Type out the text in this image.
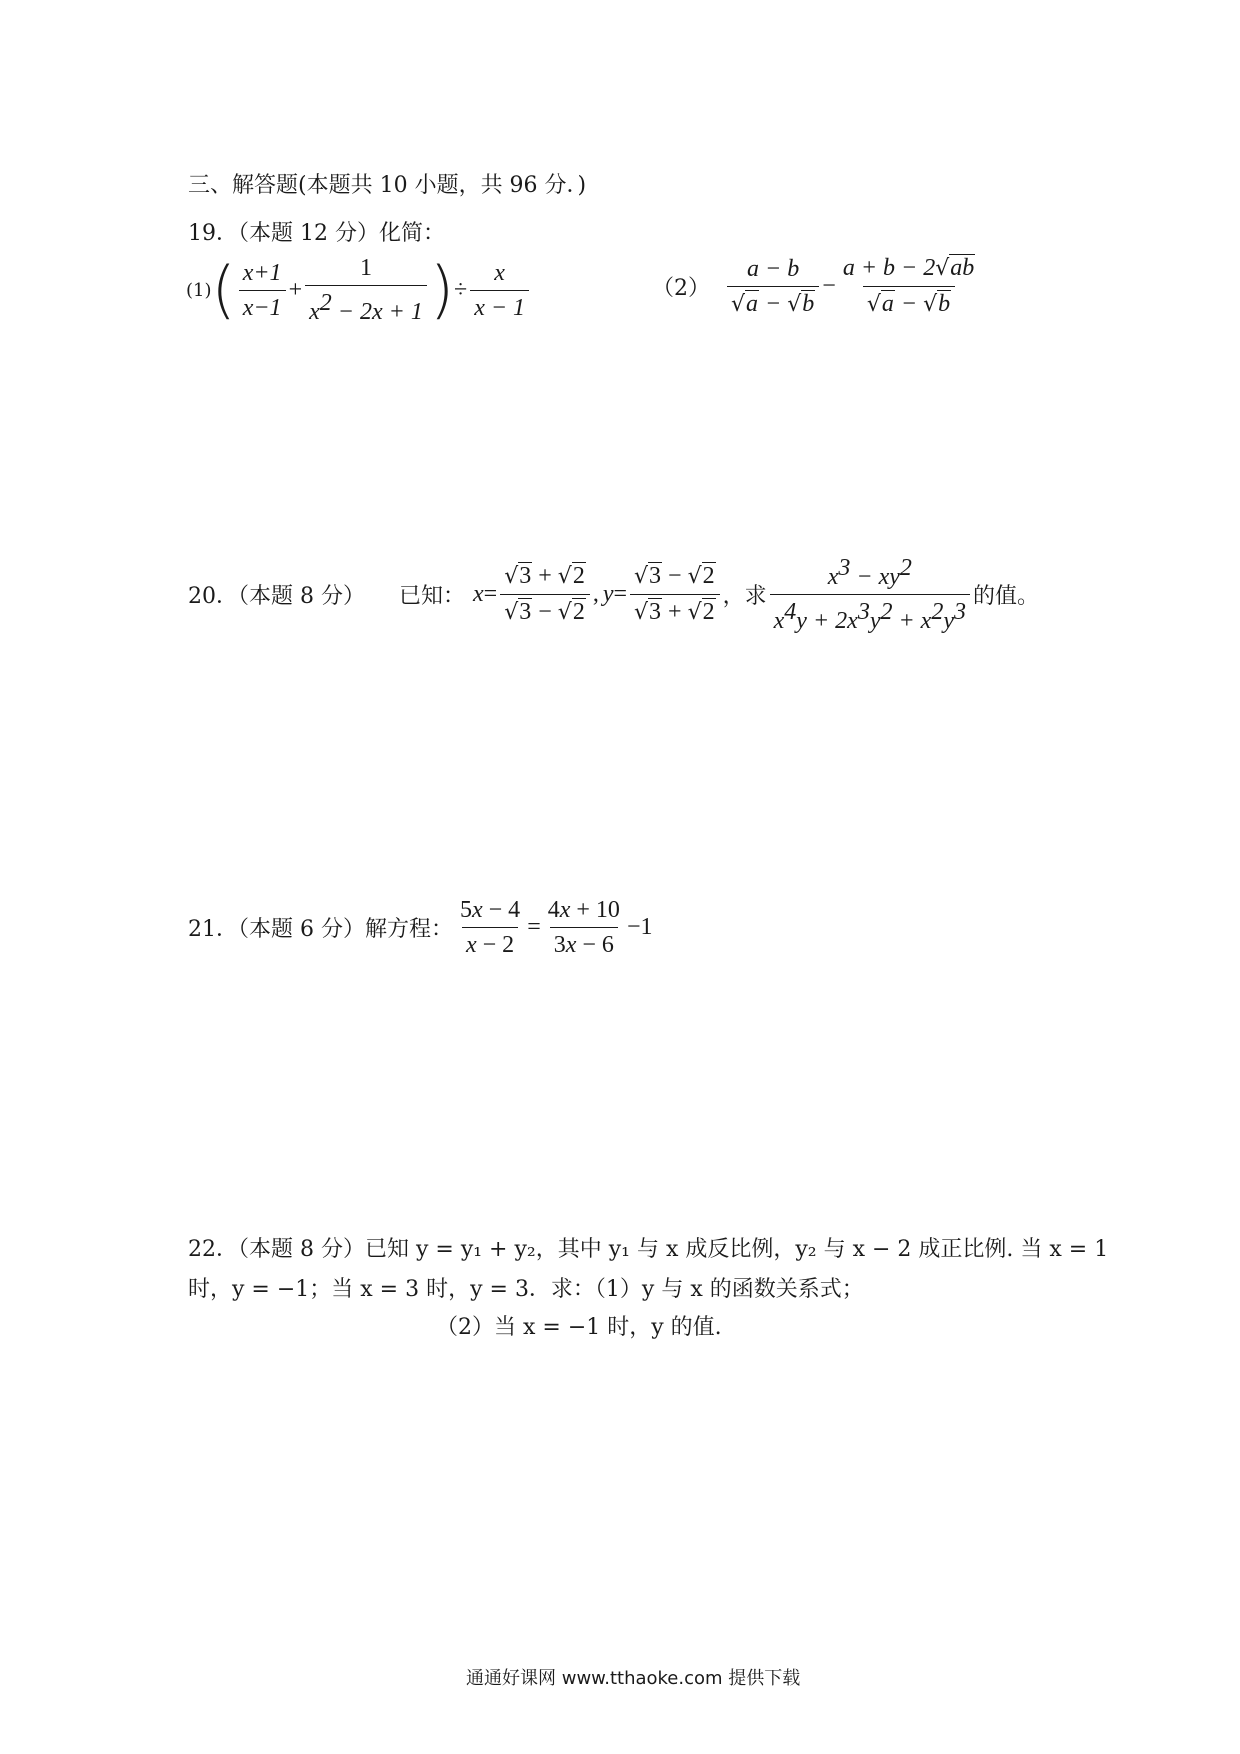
三、解答题(本题共 10 小题，共 96 分．)
19．（本题 12 分）化简：
(1) ( $\frac{x+1}{x-1} + \frac{1}{x^2 - 2x + 1}$ ) ÷ $\frac{x}{x - 1}$	$(2) \frac{a - b}{√a - √b} - \frac{a + b - 2√ab}{√a - √b}$
20．（本题 8 分） 已知： $x = \frac{√3 + √2}{√3 - √2}$ , $y = \frac{√3 - √2}{√3 + √2}$ ，求 $\frac{x^3 - xy^2}{x^4y + 2x^3y^2 + x^2y^3}$ 的值。
21．（本题 6 分）解方程： $\frac{5x - 4}{x - 2} = \frac{4x + 10}{3x - 6} -1$
22．（本题 8 分）已知 y = y₁ + y₂，其中 y₁ 与 x 成反比例，y₂ 与 x − 2 成正比例. 当 x = 1
时，y = −1；当 x = 3 时，y = 3．求：（1）y 与 x 的函数关系式；
（2）当 x = −1 时，y 的值.
通通好课网 www.tthaoke.com 提供下载
